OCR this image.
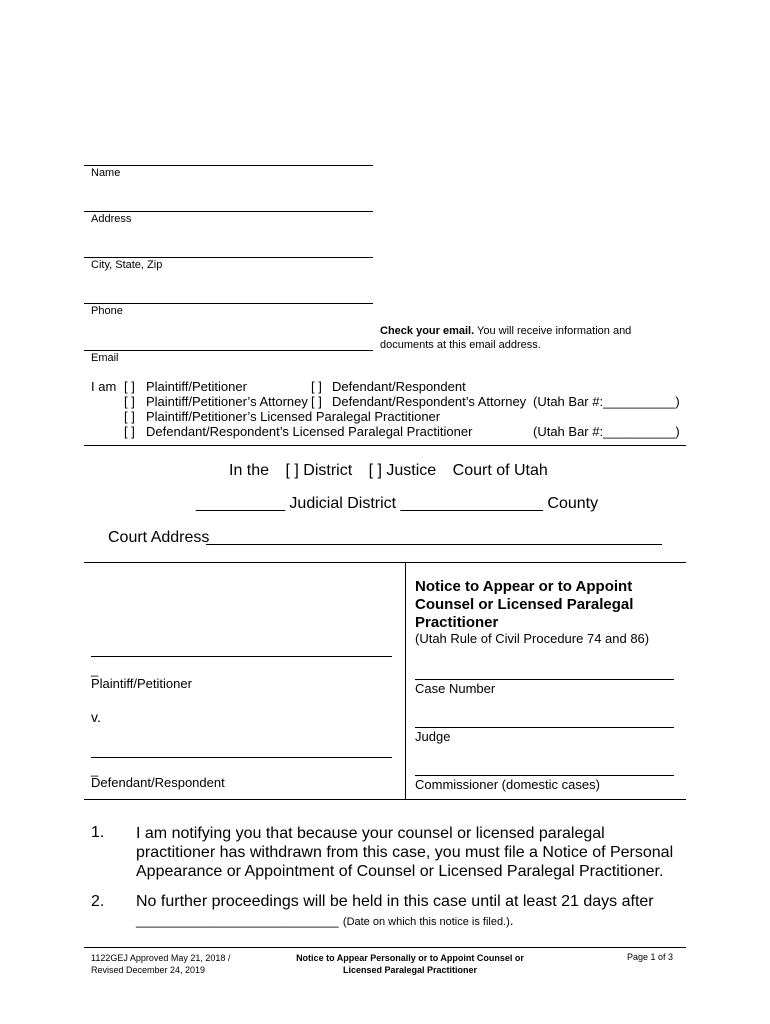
Name
Address
City, State, Zip
Phone
Check your email. You will receive information and documents at this email address.
Email
I am [ ] Plaintiff/Petitioner	[ ] Defendant/Respondent
[ ] Plaintiff/Petitioner’s Attorney [ ] Defendant/Respondent’s Attorney (Utah Bar #:__________)
[ ] Plaintiff/Petitioner’s Licensed Paralegal Practitioner
[ ] Defendant/Respondent’s Licensed Paralegal Practitioner	(Utah Bar #:__________)
In the [ ] District [ ] Justice Court of Utah
__________ Judicial District ________________ County
Court Address
Notice to Appear or to Appoint Counsel or Licensed Paralegal Practitioner
(Utah Rule of Civil Procedure 74 and 86)
_
Plaintiff/Petitioner
v.
_
Defendant/Respondent
Case Number
Judge
Commissioner (domestic cases)
1. I am notifying you that because your counsel or licensed paralegal practitioner has withdrawn from this case, you must file a Notice of Personal Appearance or Appointment of Counsel or Licensed Paralegal Practitioner.
2. No further proceedings will be held in this case until at least 21 days after
____________________________ (Date on which this notice is filed.).
1122GEJ Approved May 21, 2018 /
Revised December 24, 2019
Notice to Appear Personally or to Appoint Counsel or
Licensed Paralegal Practitioner
Page 1 of 3
